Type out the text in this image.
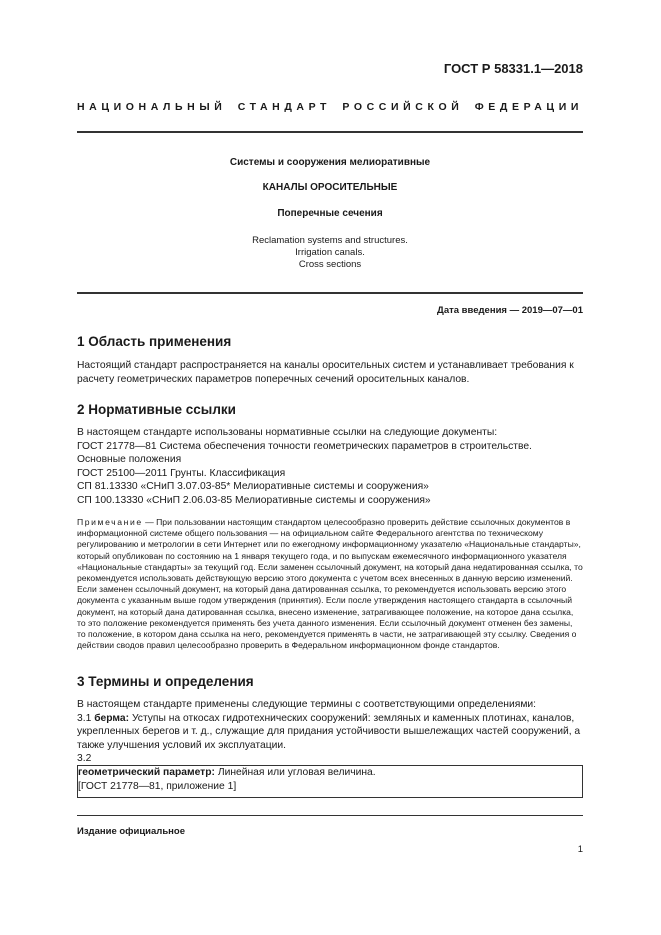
ГОСТ Р 58331.1—2018
НАЦИОНАЛЬНЫЙ СТАНДАРТ РОССИЙСКОЙ ФЕДЕРАЦИИ
Системы и сооружения мелиоративные
КАНАЛЫ ОРОСИТЕЛЬНЫЕ
Поперечные сечения
Reclamation systems and structures.
Irrigation canals.
Cross sections
Дата введения — 2019—07—01
1 Область применения

Настоящий стандарт распространяется на каналы оросительных систем и устанавливает требования к расчету геометрических параметров поперечных сечений оросительных каналов.

2 Нормативные ссылки

В настоящем стандарте использованы нормативные ссылки на следующие документы:

ГОСТ 21778—81 Система обеспечения точности геометрических параметров в строительстве. Основные положения

ГОСТ 25100—2011 Грунты. Классификация

СП 81.13330 «СНиП 3.07.03-85* Мелиоративные системы и сооружения»

СП 100.13330 «СНиП 2.06.03-85 Мелиоративные системы и сооружения»

Примечание — При пользовании настоящим стандартом целесообразно проверить действие ссылочных документов в информационной системе общего пользования — на официальном сайте Федерального агентства по техническому регулированию и метрологии в сети Интернет или по ежегодному информационному указателю «Национальные стандарты», который опубликован по состоянию на 1 января текущего года, и по выпускам ежемесячного информационного указателя «Национальные стандарты» за текущий год. Если заменен ссылочный документ, на который дана недатированная ссылка, то рекомендуется использовать действующую версию этого документа с учетом всех внесенных в данную версию изменений. Если заменен ссылочный документ, на который дана датированная ссылка, то рекомендуется использовать версию этого документа с указанным выше годом утверждения (принятия). Если после утверждения настоящего стандарта в ссылочный документ, на который дана датированная ссылка, внесено изменение, затрагивающее положение, на которое дана ссылка, то это положение рекомендуется применять без учета данного изменения. Если ссылочный документ отменен без замены, то положение, в котором дана ссылка на него, рекомендуется применять в части, не затрагивающей эту ссылку. Сведения о действии сводов правил целесообразно проверить в Федеральном информационном фонде стандартов.
3 Термины и определения

В настоящем стандарте применены следующие термины с соответствующими определениями:

3.1 берма: Уступы на откосах гидротехнических сооружений: земляных и каменных плотинах, каналов, укрепленных берегов и т. д., служащие для придания устойчивости вышележащих частей сооружений, а также улучшения условий их эксплуатации.

3.2

геометрический параметр: Линейная или угловая величина.
[ГОСТ 21778—81, приложение 1]
Издание официальное
1
